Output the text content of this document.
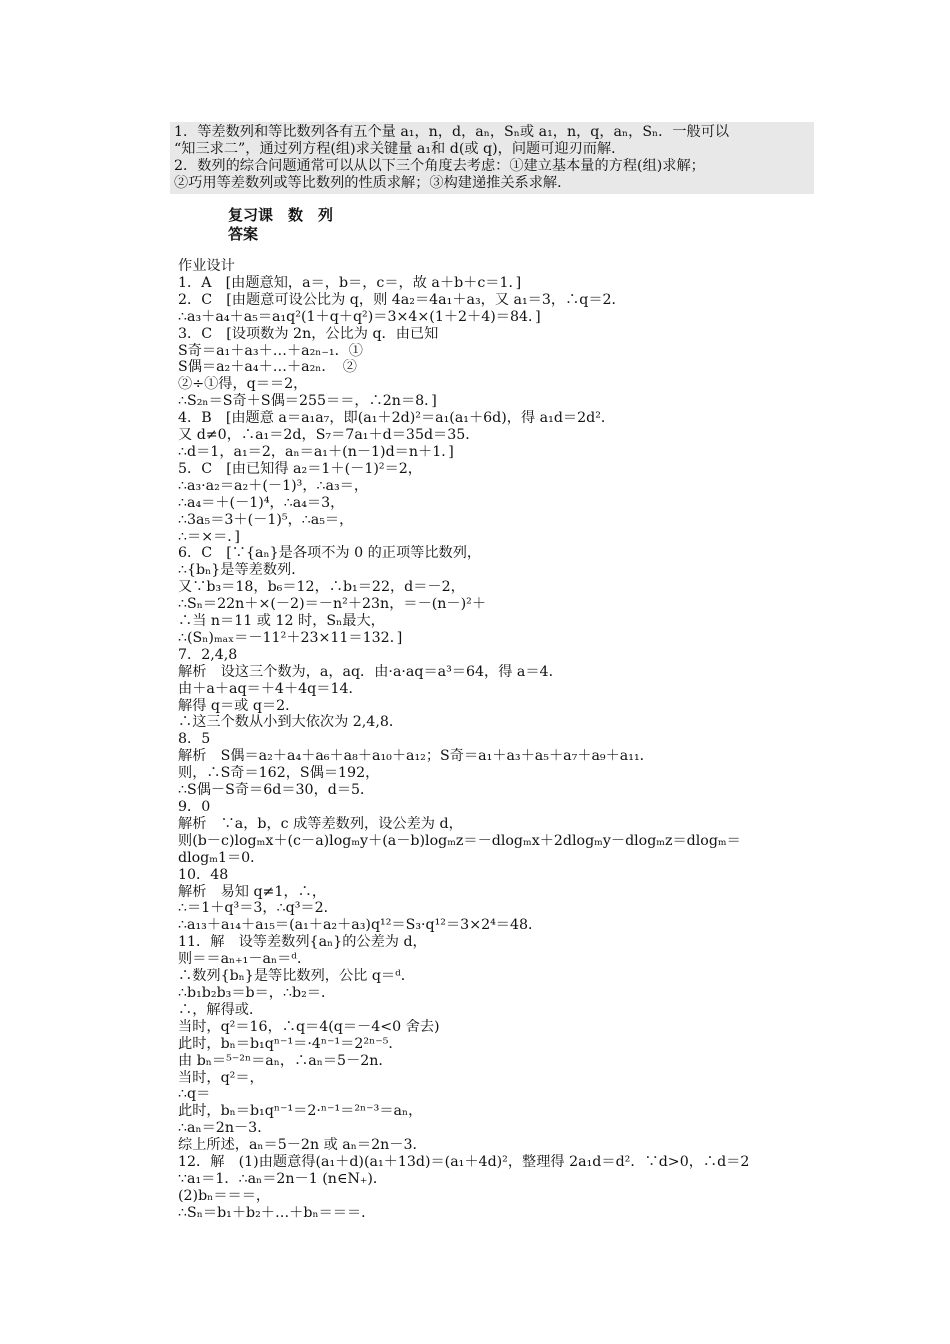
1．等差数列和等比数列各有五个量 a₁，n，d，aₙ，Sₙ或 a₁，n，q，aₙ，Sₙ．一般可以
“知三求二”，通过列方程(组)求关键量 a₁和 d(或 q)，问题可迎刃而解．
2．数列的综合问题通常可以从以下三个角度去考虑：①建立基本量的方程(组)求解；
②巧用等差数列或等比数列的性质求解；③构建递推关系求解．
复习课　数　列
答案
作业设计
1．A　[由题意知，a＝，b＝，c＝，故 a＋b＋c＝1．]
2．C　[由题意可设公比为 q，则 4a₂＝4a₁＋a₃，又 a₁＝3，∴q＝2．
∴a₃＋a₄＋a₅＝a₁q²(1＋q＋q²)＝3×4×(1＋2＋4)＝84．]
3．C　[设项数为 2n，公比为 q．由已知
S奇＝a₁＋a₃＋…＋a₂ₙ₋₁．①
S偶＝a₂＋a₄＋…＋a₂ₙ．　②
②÷①得，q＝＝2，
∴S₂ₙ＝S奇＋S偶＝255＝＝，∴2n＝8．]
4．B　[由题意 a＝a₁a₇，即(a₁＋2d)²＝a₁(a₁＋6d)，得 a₁d＝2d²．
又 d≠0，∴a₁＝2d，S₇＝7a₁＋d＝35d＝35．
∴d＝1，a₁＝2，aₙ＝a₁＋(n－1)d＝n＋1．]
5．C　[由已知得 a₂＝1＋(－1)²＝2，
∴a₃·a₂＝a₂＋(－1)³，∴a₃＝，
∴a₄＝＋(－1)⁴，∴a₄＝3，
∴3a₅＝3＋(－1)⁵，∴a₅＝，
∴＝×＝．]
6．C　[∵{aₙ}是各项不为 0 的正项等比数列，
∴{bₙ}是等差数列．
又∵b₃＝18，b₆＝12，∴b₁＝22，d＝－2，
∴Sₙ＝22n＋×(－2)＝－n²＋23n，＝－(n－)²＋
∴当 n＝11 或 12 时，Sₙ最大，
∴(Sₙ)ₘₐₓ＝－11²＋23×11＝132．]
7．2,4,8
解析　设这三个数为，a，aq．由·a·aq＝a³＝64，得 a＝4．
由＋a＋aq＝＋4＋4q＝14．
解得 q＝或 q＝2．
∴这三个数从小到大依次为 2,4,8．
8．5
解析　S偶＝a₂＋a₄＋a₆＋a₈＋a₁₀＋a₁₂；S奇＝a₁＋a₃＋a₅＋a₇＋a₉＋a₁₁．
则，∴S奇＝162，S偶＝192，
∴S偶－S奇＝6d＝30，d＝5．
9．0
解析　∵a，b，c 成等差数列，设公差为 d，
则(b－c)logₘx＋(c－a)logₘy＋(a－b)logₘz＝－dlogₘx＋2dlogₘy－dlogₘz＝dlogₘ＝
dlogₘ1＝0．
10．48
解析　易知 q≠1，∴，
∴＝1＋q³＝3，∴q³＝2．
∴a₁₃＋a₁₄＋a₁₅＝(a₁＋a₂＋a₃)q¹²＝S₃·q¹²＝3×2⁴＝48．
11．解　设等差数列{aₙ}的公差为 d，
则＝＝aₙ₊₁－aₙ＝ᵈ．
∴数列{bₙ}是等比数列，公比 q＝ᵈ．
∴b₁b₂b₃＝b＝，∴b₂＝．
∴，解得或．
当时，q²＝16，∴q＝4(q＝－4<0 舍去)
此时，bₙ＝b₁qⁿ⁻¹＝·4ⁿ⁻¹＝2²ⁿ⁻⁵．
由 bₙ＝⁵⁻²ⁿ＝aₙ，∴aₙ＝5－2n．
当时，q²＝，
∴q＝
此时，bₙ＝b₁qⁿ⁻¹＝2·ⁿ⁻¹＝²ⁿ⁻³＝aₙ，
∴aₙ＝2n－3．
综上所述，aₙ＝5－2n 或 aₙ＝2n－3．
12．解　(1)由题意得(a₁＋d)(a₁＋13d)＝(a₁＋4d)²，整理得 2a₁d＝d²．∵d>0，∴d＝2
∵a₁＝1．∴aₙ＝2n－1 (n∈N₊)．
(2)bₙ＝＝＝，
∴Sₙ＝b₁＋b₂＋…＋bₙ＝＝＝．
